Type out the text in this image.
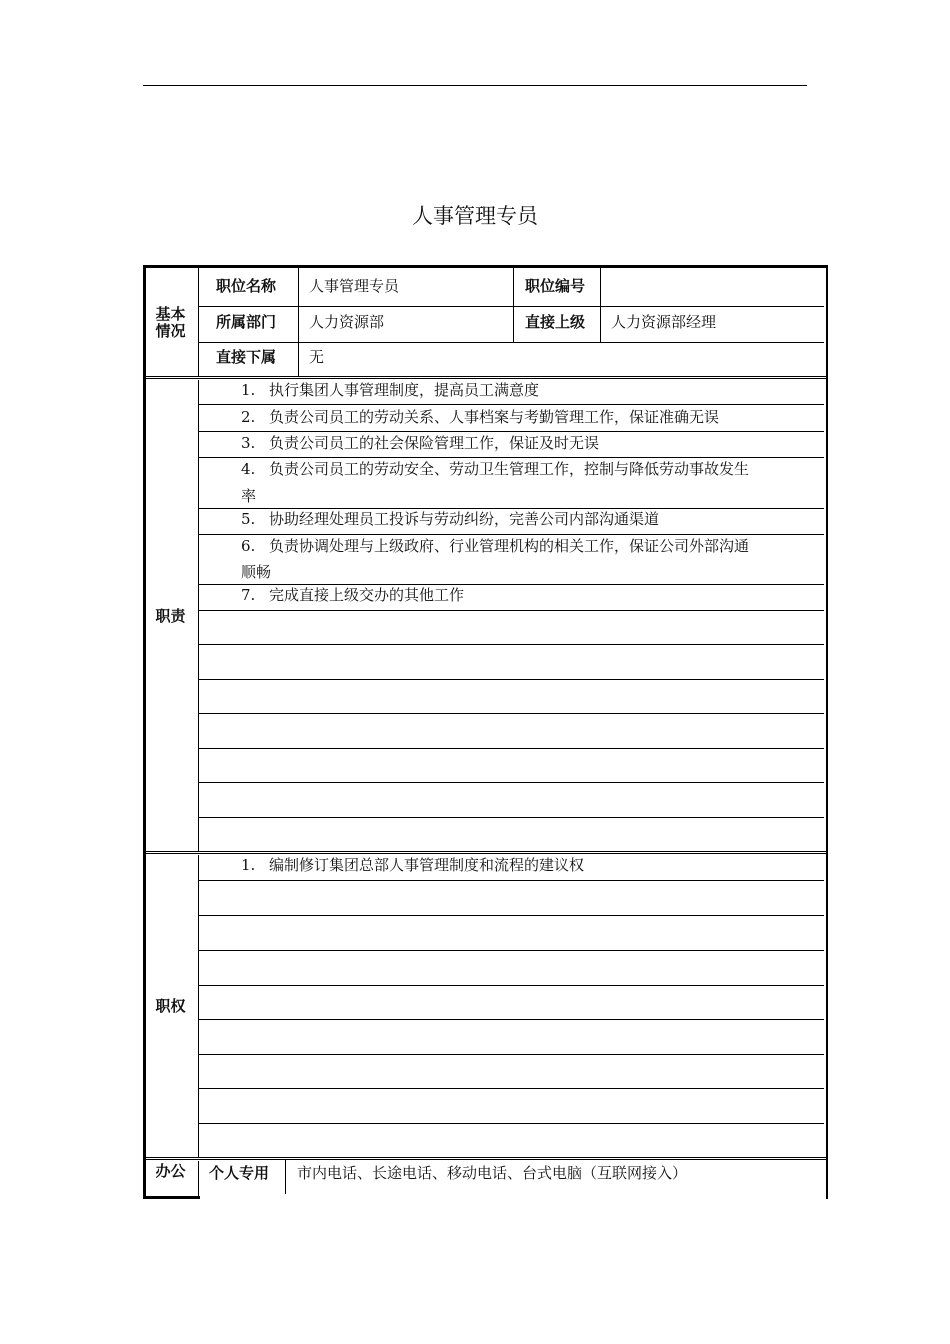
人事管理专员
基本
情况
职位名称 人事管理专员	职位编号
所属部门 人力资源部	直接上级 人力资源部经理
直接下属 无
职责
1. 执行集团人事管理制度，提高员工满意度
2. 负责公司员工的劳动关系、人事档案与考勤管理工作，保证准确无误
3. 负责公司员工的社会保险管理工作，保证及时无误
4. 负责公司员工的劳动安全、劳动卫生管理工作，控制与降低劳动事故发生
率
5. 协助经理处理员工投诉与劳动纠纷，完善公司内部沟通渠道
6. 负责协调处理与上级政府、行业管理机构的相关工作，保证公司外部沟通
顺畅
7. 完成直接上级交办的其他工作
职权
1. 编制修订集团总部人事管理制度和流程的建议权
办公	个人专用 市内电话、长途电话、移动电话、台式电脑（互联网接入）
